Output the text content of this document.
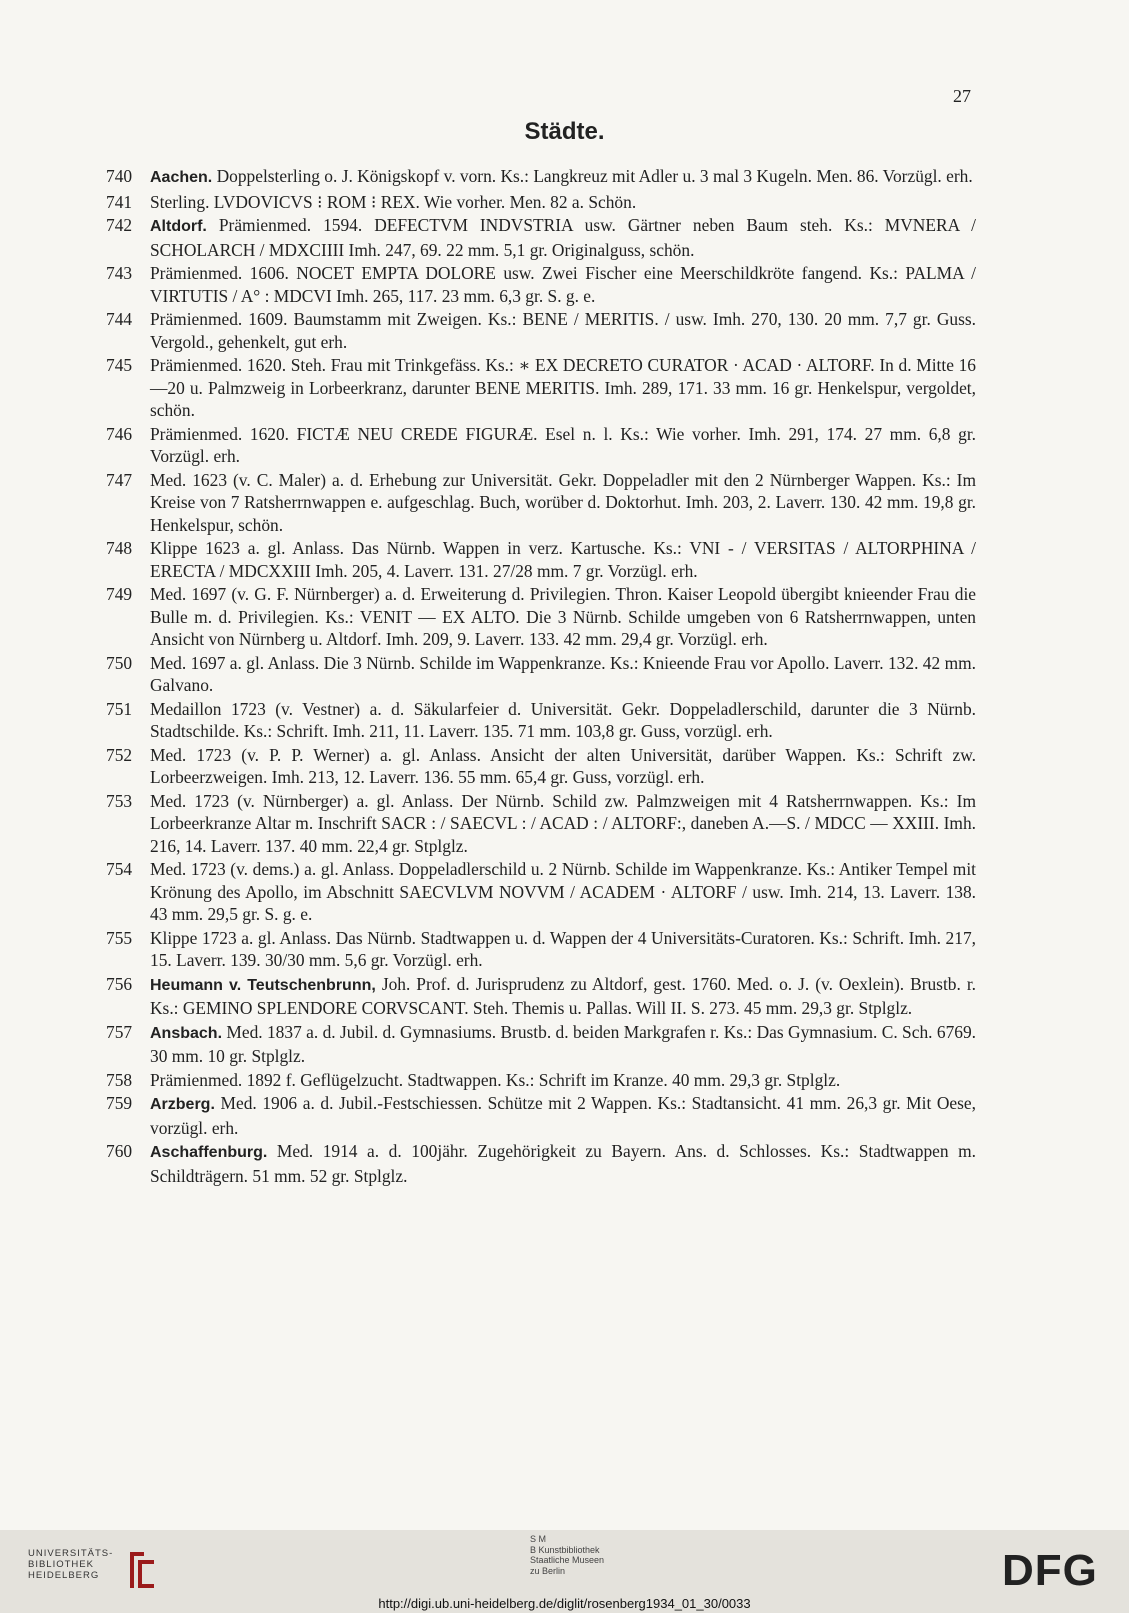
27
Städte.
740	Aachen. Doppelsterling o. J. Königskopf v. vorn. Ks.: Langkreuz mit Adler u. 3 mal 3 Kugeln. Men. 86. Vorzügl. erh.
741	Sterling. LVDOVICVS ⁝ ROM ⁝ REX. Wie vorher. Men. 82 a. Schön.
742	Altdorf. Prämienmed. 1594. DEFECTVM INDVSTRIA usw. Gärtner neben Baum steh. Ks.: MVNERA / SCHOLARCH / MDXCIIII Imh. 247, 69. 22 mm. 5,1 gr. Originalguss, schön.
743	Prämienmed. 1606. NOCET EMPTA DOLORE usw. Zwei Fischer eine Meerschildkröte fangend. Ks.: PALMA / VIRTUTIS / A° : MDCVI Imh. 265, 117. 23 mm. 6,3 gr. S. g. e.
744	Prämienmed. 1609. Baumstamm mit Zweigen. Ks.: BENE / MERITIS. / usw. Imh. 270, 130. 20 mm. 7,7 gr. Guss. Vergold., gehenkelt, gut erh.
745	Prämienmed. 1620. Steh. Frau mit Trinkgefäss. Ks.: ∗ EX DECRETO CURATOR · ACAD · ALTORF. In d. Mitte 16—20 u. Palmzweig in Lorbeerkranz, darunter BENE MERITIS. Imh. 289, 171. 33 mm. 16 gr. Henkelspur, vergoldet, schön.
746	Prämienmed. 1620. FICTÆ NEU CREDE FIGURÆ. Esel n. l. Ks.: Wie vorher. Imh. 291, 174. 27 mm. 6,8 gr. Vorzügl. erh.
747	Med. 1623 (v. C. Maler) a. d. Erhebung zur Universität. Gekr. Doppeladler mit den 2 Nürnberger Wappen. Ks.: Im Kreise von 7 Ratsherrnwappen e. aufgeschlag. Buch, worüber d. Doktorhut. Imh. 203, 2. Laverr. 130. 42 mm. 19,8 gr. Henkelspur, schön.
748	Klippe 1623 a. gl. Anlass. Das Nürnb. Wappen in verz. Kartusche. Ks.: VNI - / VERSITAS / ALTORPHINA / ERECTA / MDCXXIII Imh. 205, 4. Laverr. 131. 27/28 mm. 7 gr. Vorzügl. erh.
749	Med. 1697 (v. G. F. Nürnberger) a. d. Erweiterung d. Privilegien. Thron. Kaiser Leopold übergibt knieender Frau die Bulle m. d. Privilegien. Ks.: VENIT — EX ALTO. Die 3 Nürnb. Schilde umgeben von 6 Ratsherrnwappen, unten Ansicht von Nürnberg u. Altdorf. Imh. 209, 9. Laverr. 133. 42 mm. 29,4 gr. Vorzügl. erh.
750	Med. 1697 a. gl. Anlass. Die 3 Nürnb. Schilde im Wappenkranze. Ks.: Knieende Frau vor Apollo. Laverr. 132. 42 mm. Galvano.
751	Medaillon 1723 (v. Vestner) a. d. Säkularfeier d. Universität. Gekr. Doppeladlerschild, darunter die 3 Nürnb. Stadtschilde. Ks.: Schrift. Imh. 211, 11. Laverr. 135. 71 mm. 103,8 gr. Guss, vorzügl. erh.
752	Med. 1723 (v. P. P. Werner) a. gl. Anlass. Ansicht der alten Universität, darüber Wappen. Ks.: Schrift zw. Lorbeerzweigen. Imh. 213, 12. Laverr. 136. 55 mm. 65,4 gr. Guss, vorzügl. erh.
753	Med. 1723 (v. Nürnberger) a. gl. Anlass. Der Nürnb. Schild zw. Palmzweigen mit 4 Ratsherrnwappen. Ks.: Im Lorbeerkranze Altar m. Inschrift SACR : / SAECVL : / ACAD : / ALTORF:, daneben A.—S. / MDCC — XXIII. Imh. 216, 14. Laverr. 137. 40 mm. 22,4 gr. Stplglz.
754	Med. 1723 (v. dems.) a. gl. Anlass. Doppeladlerschild u. 2 Nürnb. Schilde im Wappenkranze. Ks.: Antiker Tempel mit Krönung des Apollo, im Abschnitt SAECVLVM NOVVM / ACADEM · ALTORF / usw. Imh. 214, 13. Laverr. 138. 43 mm. 29,5 gr. S. g. e.
755	Klippe 1723 a. gl. Anlass. Das Nürnb. Stadtwappen u. d. Wappen der 4 Universitäts-Curatoren. Ks.: Schrift. Imh. 217, 15. Laverr. 139. 30/30 mm. 5,6 gr. Vorzügl. erh.
756	Heumann v. Teutschenbrunn, Joh. Prof. d. Jurisprudenz zu Altdorf, gest. 1760. Med. o. J. (v. Oexlein). Brustb. r. Ks.: GEMINO SPLENDORE CORVSCANT. Steh. Themis u. Pallas. Will II. S. 273. 45 mm. 29,3 gr. Stplglz.
757	Ansbach. Med. 1837 a. d. Jubil. d. Gymnasiums. Brustb. d. beiden Markgrafen r. Ks.: Das Gymnasium. C. Sch. 6769. 30 mm. 10 gr. Stplglz.
758	Prämienmed. 1892 f. Geflügelzucht. Stadtwappen. Ks.: Schrift im Kranze. 40 mm. 29,3 gr. Stplglz.
759	Arzberg. Med. 1906 a. d. Jubil.-Festschiessen. Schütze mit 2 Wappen. Ks.: Stadtansicht. 41 mm. 26,3 gr. Mit Oese, vorzügl. erh.
760	Aschaffenburg. Med. 1914 a. d. 100jähr. Zugehörigkeit zu Bayern. Ans. d. Schlosses. Ks.: Stadtwappen m. Schildträgern. 51 mm. 52 gr. Stplglz.
UNIVERSITÄTS-
BIBLIOTHEK
HEIDELBERG
S M
B Kunstbibliothek
Staatliche Museen
zu Berlin	DFG
http://digi.ub.uni-heidelberg.de/diglit/rosenberg1934_01_30/0033
